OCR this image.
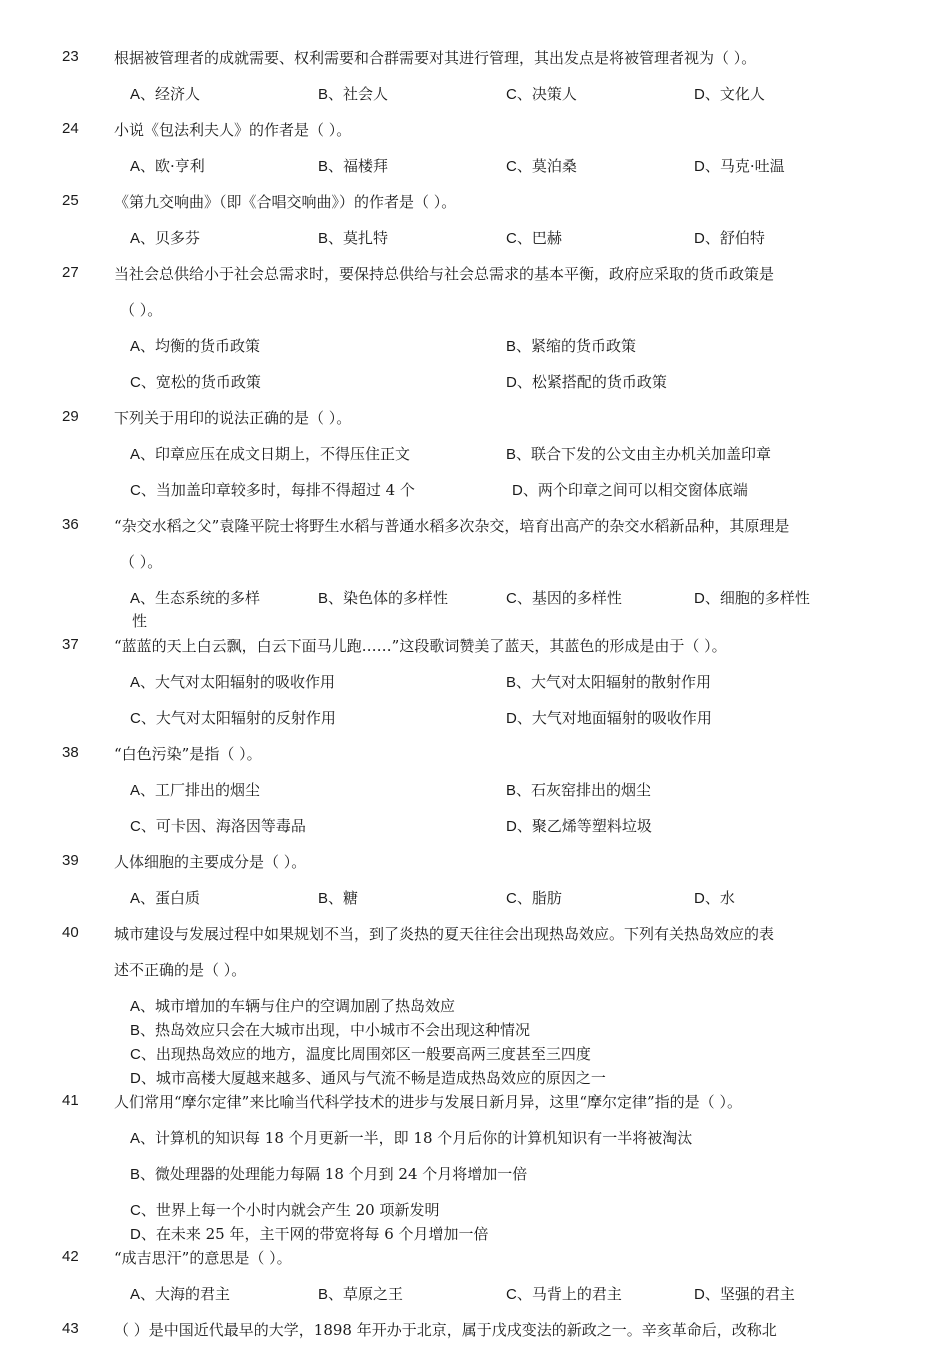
23	根据被管理者的成就需要、权利需要和合群需要对其进行管理，其出发点是将被管理者视为（ ）。
A、经济人	B、社会人	C、决策人	D、文化人
24	小说《包法利夫人》的作者是（ ）。
A、欧·亨利	B、福楼拜	C、莫泊桑	D、马克·吐温
25	《第九交响曲》（即《合唱交响曲》）的作者是（ ）。
A、贝多芬	B、莫扎特	C、巴赫	D、舒伯特
27	当社会总供给小于社会总需求时，要保持总供给与社会总需求的基本平衡，政府应采取的货币政策是
（ ）。
A、均衡的货币政策	B、紧缩的货币政策
C、宽松的货币政策	D、松紧搭配的货币政策
29	下列关于用印的说法正确的是（ ）。
A、印章应压在成文日期上，不得压住正文	B、联合下发的公文由主办机关加盖印章
C、当加盖印章较多时，每排不得超过 4 个	D、两个印章之间可以相交窗体底端
36	“杂交水稻之父”袁隆平院士将野生水稻与普通水稻多次杂交，培育出高产的杂交水稻新品种，其原理是
（ ）。
A、生态系统的多样
性
B、染色体的多样性	C、基因的多样性	D、细胞的多样性
37	“蓝蓝的天上白云飘，白云下面马儿跑……”这段歌词赞美了蓝天，其蓝色的形成是由于（ ）。
A、大气对太阳辐射的吸收作用	B、大气对太阳辐射的散射作用
C、大气对太阳辐射的反射作用	D、大气对地面辐射的吸收作用
38	“白色污染”是指（ ）。
A、工厂排出的烟尘	B、石灰窑排出的烟尘
C、可卡因、海洛因等毒品	D、聚乙烯等塑料垃圾
39	人体细胞的主要成分是（ ）。
A、蛋白质	B、糖	C、脂肪	D、水
40	城市建设与发展过程中如果规划不当，到了炎热的夏天往往会出现热岛效应。下列有关热岛效应的表
述不正确的是（ ）。
A、城市增加的车辆与住户的空调加剧了热岛效应
B、热岛效应只会在大城市出现，中小城市不会出现这种情况
C、出现热岛效应的地方，温度比周围郊区一般要高两三度甚至三四度
D、城市高楼大厦越来越多、通风与气流不畅是造成热岛效应的原因之一
41	人们常用“摩尔定律”来比喻当代科学技术的进步与发展日新月异，这里“摩尔定律”指的是（ ）。
A、计算机的知识每 18 个月更新一半，即 18 个月后你的计算机知识有一半将被淘汰
B、微处理器的处理能力每隔 18 个月到 24 个月将增加一倍
C、世界上每一个小时内就会产生 20 项新发明
D、在未来 25 年，主干网的带宽将每 6 个月增加一倍
42	“成吉思汗”的意思是（ ）。
A、大海的君主	B、草原之王	C、马背上的君主	D、坚强的君主
43	（ ）是中国近代最早的大学，1898 年开办于北京，属于戊戌变法的新政之一。辛亥革命后，改称北
